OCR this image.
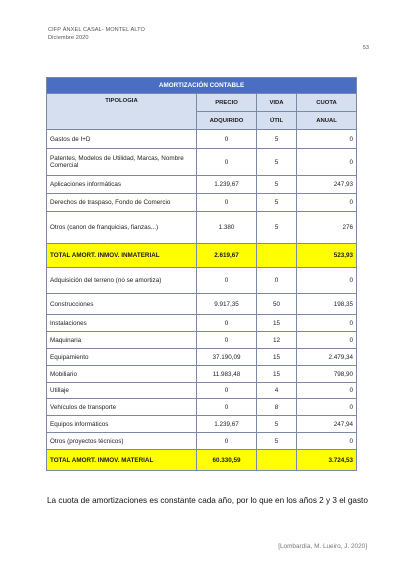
CIFP ÁNXEL CASAL- MONTEL ALTO
Diciembre 2020
53
AMORTIZACIÓN CONTABLE			
TIPOLOGIA	PRECIO	VIDA	CUOTA
	ADQUIRIDO	ÚTIL	ANUAL
Gastos de I+D	0	5	0
Patentes, Modelos de Utilidad, Marcas, Nombre Comercial	0	5	0
Aplicaciones informáticas	1.239,67	5	247,93
Derechos de traspaso, Fondo de Comercio	0	5	0
Otros (canon de franquicias, fianzas...)	1.380	5	276
TOTAL AMORT. INMOV. INMATERIAL	2.619,67		523,93
Adquisición del terreno (no se amortiza)	0	0	0
Construcciones	9.917,35	50	198,35
Instalaciones	0	15	0
Maquinaria	0	12	0
Equipamiento	37.190,09	15	2.479,34
Mobiliario	11.983,48	15	798,90
Utillaje	0	4	0
Vehículos de transporte	0	8	0
Equipos informáticos	1.239,67	5	247,94
Otros (proyectos técnicos)	0	5	0
TOTAL AMORT. INMOV. MATERIAL	60.330,59		3.724,53
La cuota de amortizaciones es constante cada año, por lo que en los años 2 y 3 el gasto
[Lombardía, M. Lueiro, J. 2020]
